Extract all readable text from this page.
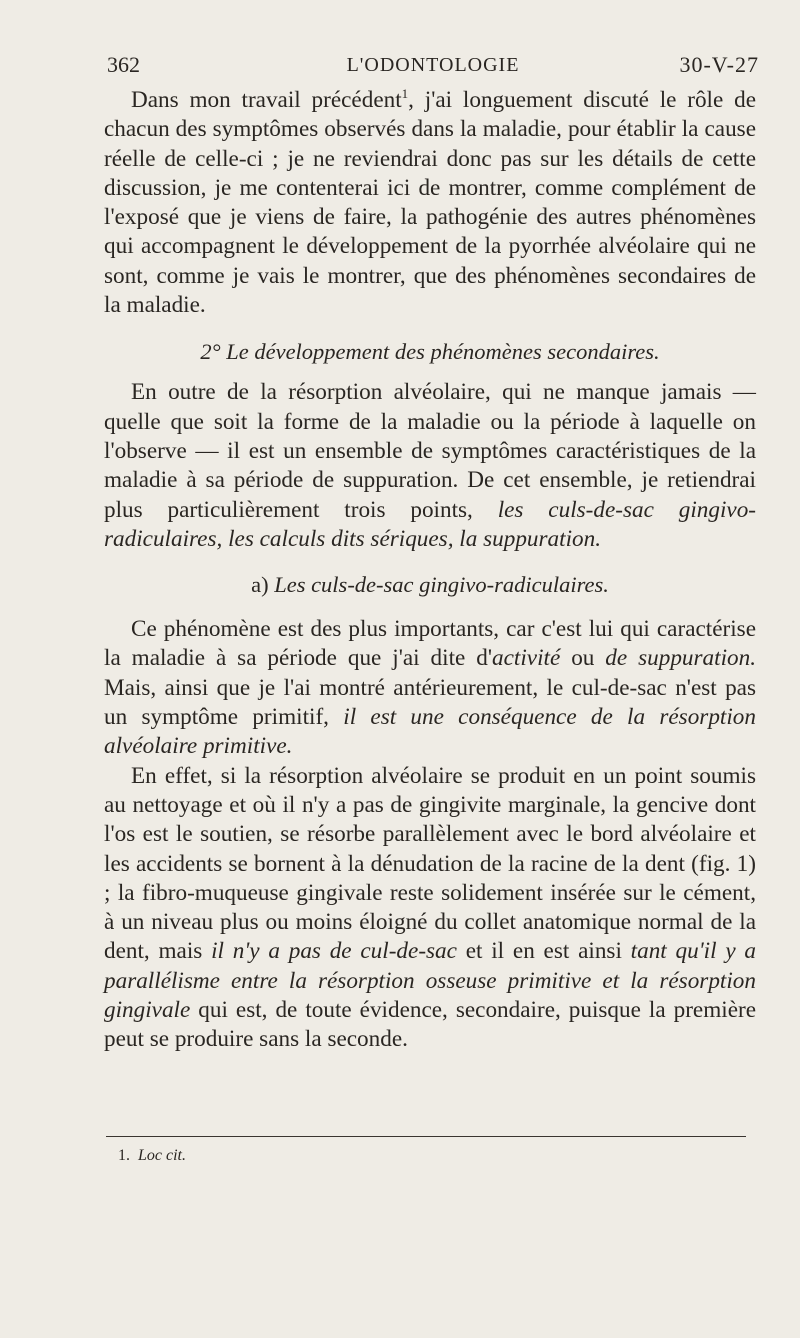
362	L'ODONTOLOGIE	30-V-27

Dans mon travail précédent$^1$, j'ai longuement discuté le rôle de chacun des symptômes observés dans la maladie, pour établir la cause réelle de celle-ci ; je ne reviendrai donc pas sur les détails de cette discussion, je me contenterai ici de montrer, comme complément de l'exposé que je viens de faire, la pathogénie des autres phénomènes qui accompagnent le développement de la pyorrhée alvéolaire qui ne sont, comme je vais le montrer, que des phénomènes secondaires de la maladie.

2° Le développement des phénomènes secondaires.

En outre de la résorption alvéolaire, qui ne manque jamais — quelle que soit la forme de la maladie ou la période à laquelle on l'observe — il est un ensemble de symptômes caractéristiques de la maladie à sa période de suppuration. De cet ensemble, je retiendrai plus particulièrement trois points, les culs-de-sac gingivo-radiculaires, les calculs dits sériques, la suppuration.

a) Les culs-de-sac gingivo-radiculaires.

Ce phénomène est des plus importants, car c'est lui qui caractérise la maladie à sa période que j'ai dite d'activité ou de suppuration. Mais, ainsi que je l'ai montré antérieurement, le cul-de-sac n'est pas un symptôme primitif, il est une conséquence de la résorption alvéolaire primitive.

En effet, si la résorption alvéolaire se produit en un point soumis au nettoyage et où il n'y a pas de gingivite marginale, la gencive dont l'os est le soutien, se résorbe parallèlement avec le bord alvéolaire et les accidents se bornent à la dénudation de la racine de la dent (fig. 1) ; la fibro-muqueuse gingivale reste solidement insérée sur le cément, à un niveau plus ou moins éloigné du collet anatomique normal de la dent, mais il n'y a pas de cul-de-sac et il en est ainsi tant qu'il y a parallélisme entre la résorption osseuse primitive et la résorption gingivale qui est, de toute évidence, secondaire, puisque la première peut se produire sans la seconde.

1. Loc cit.
